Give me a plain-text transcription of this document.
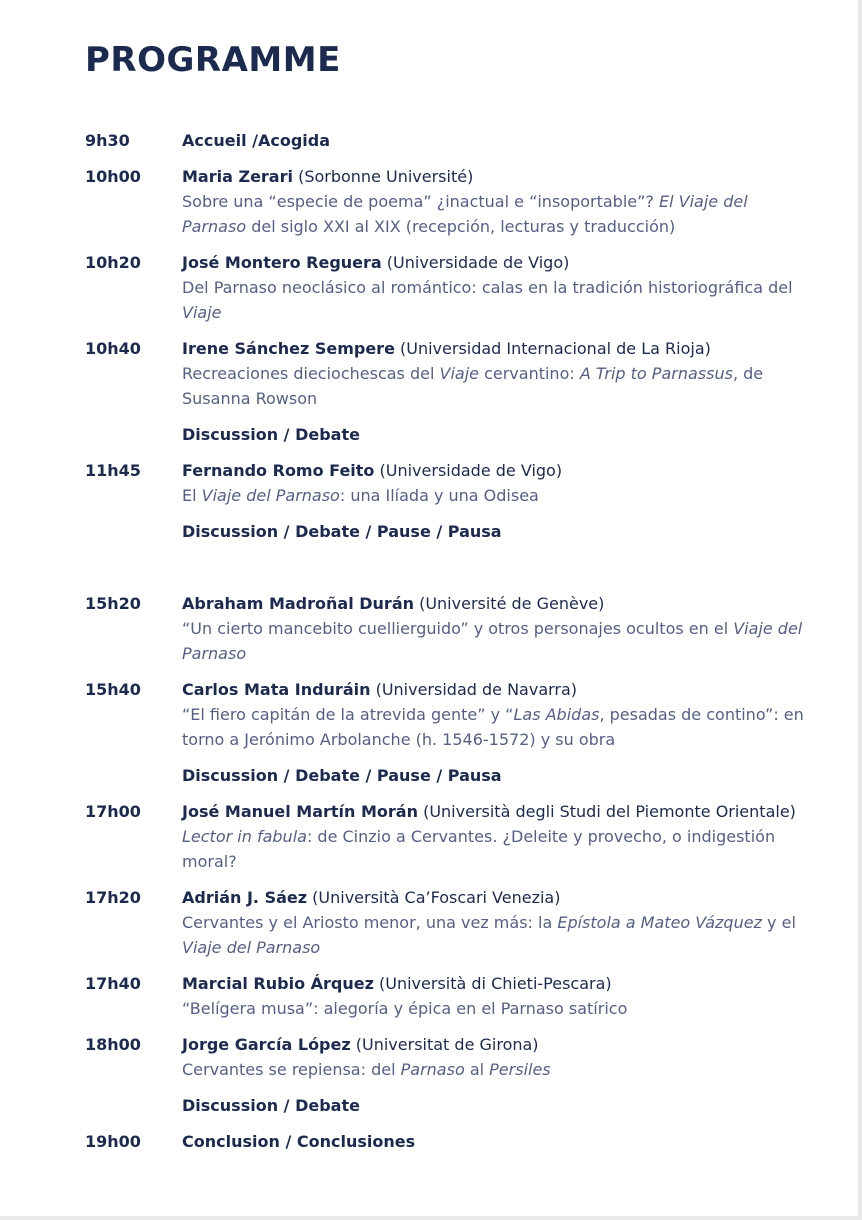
PROGRAMME
9h30	Accueil /Acogida
10h00	Maria Zerari (Sorbonne Université)
Sobre una “especie de poema” ¿inactual e “insoportable”? El Viaje del Parnaso del siglo XXI al XIX (recepción, lecturas y traducción)
10h20	José Montero Reguera (Universidade de Vigo)
Del Parnaso neoclásico al romántico: calas en la tradición historiográfica del Viaje
10h40	Irene Sánchez Sempere (Universidad Internacional de La Rioja)
Recreaciones dieciochescas del Viaje cervantino: A Trip to Parnassus, de Susanna Rowson
Discussion / Debate
11h45	Fernando Romo Feito (Universidade de Vigo)
El Viaje del Parnaso: una Ilíada y una Odisea
Discussion / Debate / Pause / Pausa
15h20	Abraham Madroñal Durán (Université de Genève)
“Un cierto mancebito cuellierguido” y otros personajes ocultos en el Viaje del Parnaso
15h40	Carlos Mata Induráin (Universidad de Navarra)
“El fiero capitán de la atrevida gente” y “Las Abidas, pesadas de contino”: en torno a Jerónimo Arbolanche (h. 1546-1572) y su obra
Discussion / Debate / Pause / Pausa
17h00	José Manuel Martín Morán (Università degli Studi del Piemonte Orientale)
Lector in fabula: de Cinzio a Cervantes. ¿Deleite y provecho, o indigestión moral?
17h20	Adrián J. Sáez (Università Ca’Foscari Venezia)
Cervantes y el Ariosto menor, una vez más: la Epístola a Mateo Vázquez y el Viaje del Parnaso
17h40	Marcial Rubio Árquez (Università di Chieti-Pescara)
“Belígera musa”: alegoría y épica en el Parnaso satírico
18h00	Jorge García López (Universitat de Girona)
Cervantes se repiensa: del Parnaso al Persiles
Discussion / Debate
19h00	Conclusion / Conclusiones
